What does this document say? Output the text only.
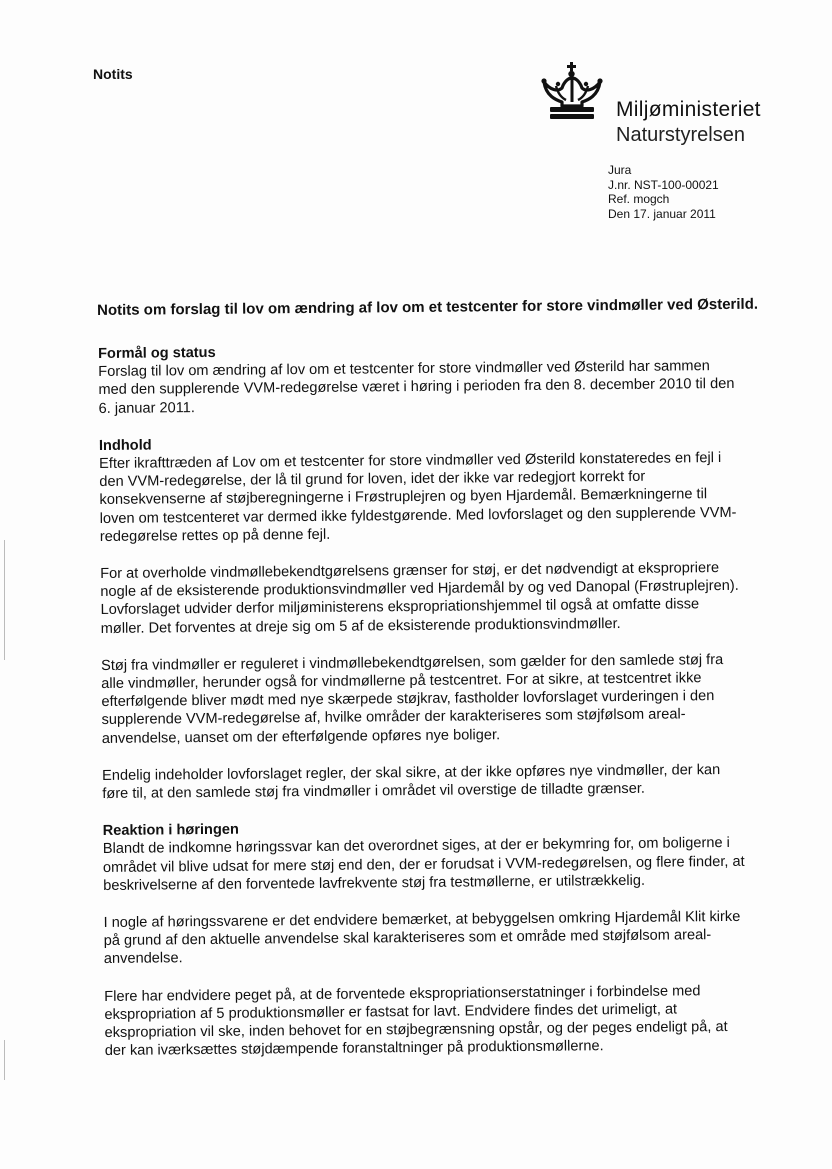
Notits
Miljøministeriet
Naturstyrelsen
Jura
J.nr. NST-100-00021
Ref. mogch
Den 17. januar 2011
Notits om forslag til lov om ændring af lov om et testcenter for store vindmøller ved Østerild.
Formål og status

Forslag til lov om ændring af lov om et testcenter for store vindmøller ved Østerild har sammen
med den supplerende VVM-redegørelse været i høring i perioden fra den 8. december 2010 til den
6. januar 2011.

Indhold

Efter ikrafttræden af Lov om et testcenter for store vindmøller ved Østerild konstateredes en fejl i
den VVM-redegørelse, der lå til grund for loven, idet der ikke var redegjort korrekt for
konsekvenserne af støjberegningerne i Frøstruplejren og byen Hjardemål. Bemærkningerne til
loven om testcenteret var dermed ikke fyldestgørende. Med lovforslaget og den supplerende VVM-
redegørelse rettes op på denne fejl.

For at overholde vindmøllebekendtgørelsens grænser for støj, er det nødvendigt at ekspropriere
nogle af de eksisterende produktionsvindmøller ved Hjardemål by og ved Danopal (Frøstruplejren).
Lovforslaget udvider derfor miljøministerens ekspropriationshjemmel til også at omfatte disse
møller. Det forventes at dreje sig om 5 af de eksisterende produktionsvindmøller.

Støj fra vindmøller er reguleret i vindmøllebekendtgørelsen, som gælder for den samlede støj fra
alle vindmøller, herunder også for vindmøllerne på testcentret. For at sikre, at testcentret ikke
efterfølgende bliver mødt med nye skærpede støjkrav, fastholder lovforslaget vurderingen i den
supplerende VVM-redegørelse af, hvilke områder der karakteriseres som støjfølsom areal-
anvendelse, uanset om der efterfølgende opføres nye boliger.

Endelig indeholder lovforslaget regler, der skal sikre, at der ikke opføres nye vindmøller, der kan
føre til, at den samlede støj fra vindmøller i området vil overstige de tilladte grænser.

Reaktion i høringen

Blandt de indkomne høringssvar kan det overordnet siges, at der er bekymring for, om boligerne i
området vil blive udsat for mere støj end den, der er forudsat i VVM-redegørelsen, og flere finder, at
beskrivelserne af den forventede lavfrekvente støj fra testmøllerne, er utilstrækkelig.

I nogle af høringssvarene er det endvidere bemærket, at bebyggelsen omkring Hjardemål Klit kirke
på grund af den aktuelle anvendelse skal karakteriseres som et område med støjfølsom areal-
anvendelse.

Flere har endvidere peget på, at de forventede ekspropriationserstatninger i forbindelse med
ekspropriation af 5 produktionsmøller er fastsat for lavt. Endvidere findes det urimeligt, at
ekspropriation vil ske, inden behovet for en støjbegrænsning opstår, og der peges endeligt på, at
der kan iværksættes støjdæmpende foranstaltninger på produktionsmøllerne.
